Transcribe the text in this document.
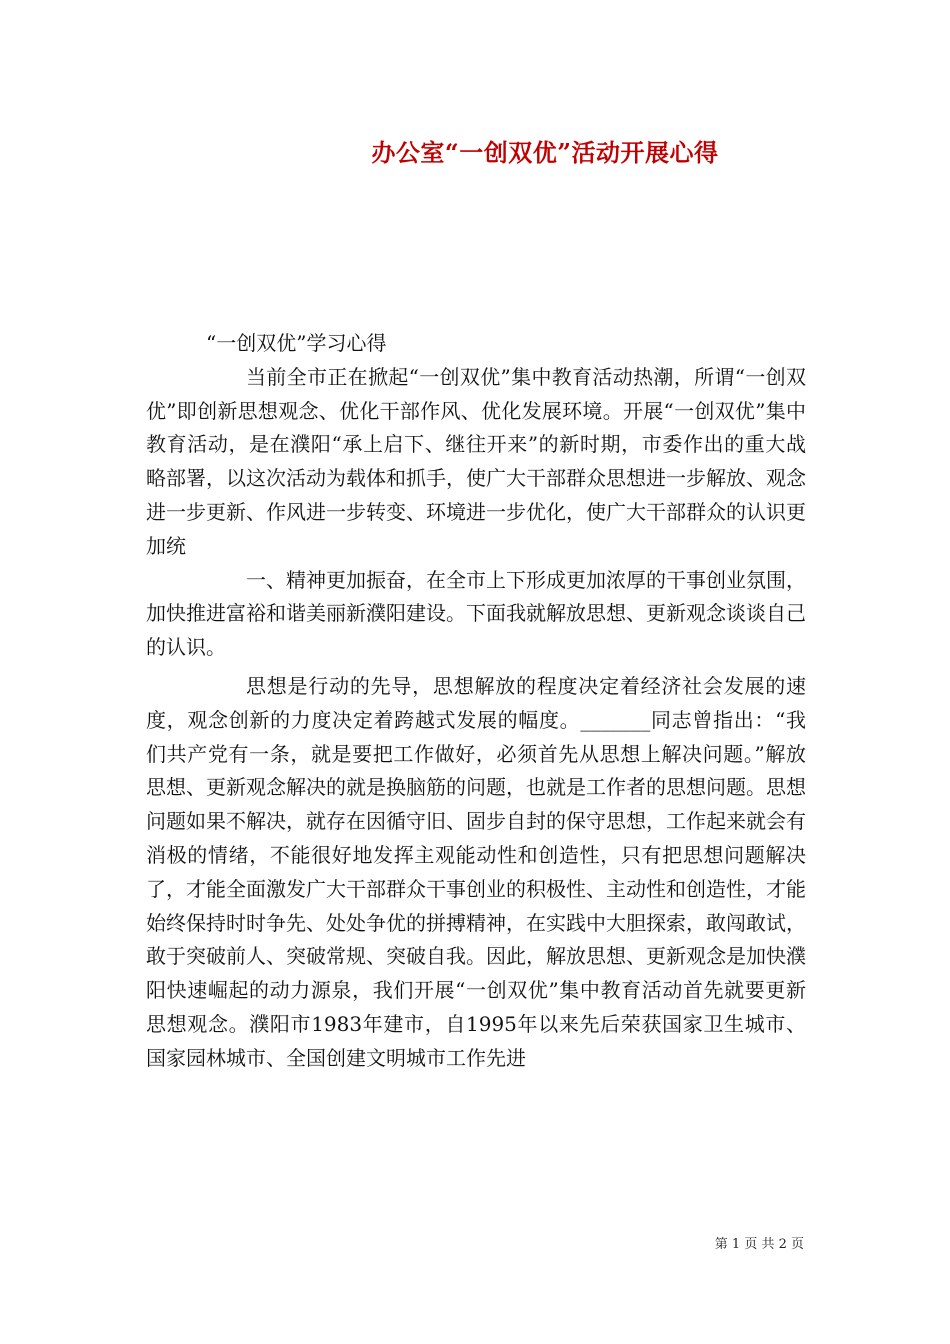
办公室“一创双优”活动开展心得

“一创双优”学习心得

当前全市正在掀起“一创双优”集中教育活动热潮，所谓“一创双优”即创新思想观念、优化干部作风、优化发展环境。开展“一创双优”集中教育活动，是在濮阳“承上启下、继往开来”的新时期，市委作出的重大战略部署，以这次活动为载体和抓手，使广大干部群众思想进一步解放、观念进一步更新、作风进一步转变、环境进一步优化，使广大干部群众的认识更加统

一、精神更加振奋，在全市上下形成更加浓厚的干事创业氛围，加快推进富裕和谐美丽新濮阳建设。下面我就解放思想、更新观念谈谈自己的认识。

思想是行动的先导，思想解放的程度决定着经济社会发展的速度，观念创新的力度决定着跨越式发展的幅度。_______同志曾指出：“我们共产党有一条，就是要把工作做好，必须首先从思想上解决问题。”解放思想、更新观念解决的就是换脑筋的问题，也就是工作者的思想问题。思想问题如果不解决，就存在因循守旧、固步自封的保守思想，工作起来就会有消极的情绪，不能很好地发挥主观能动性和创造性，只有把思想问题解决了，才能全面激发广大干部群众干事创业的积极性、主动性和创造性，才能始终保持时时争先、处处争优的拼搏精神，在实践中大胆探索，敢闯敢试，敢于突破前人、突破常规、突破自我。因此，解放思想、更新观念是加快濮阳快速崛起的动力源泉，我们开展“一创双优”集中教育活动首先就要更新思想观念。濮阳市1983年建市，自1995年以来先后荣获国家卫生城市、国家园林城市、全国创建文明城市工作先进

第 1 页 共 2 页
